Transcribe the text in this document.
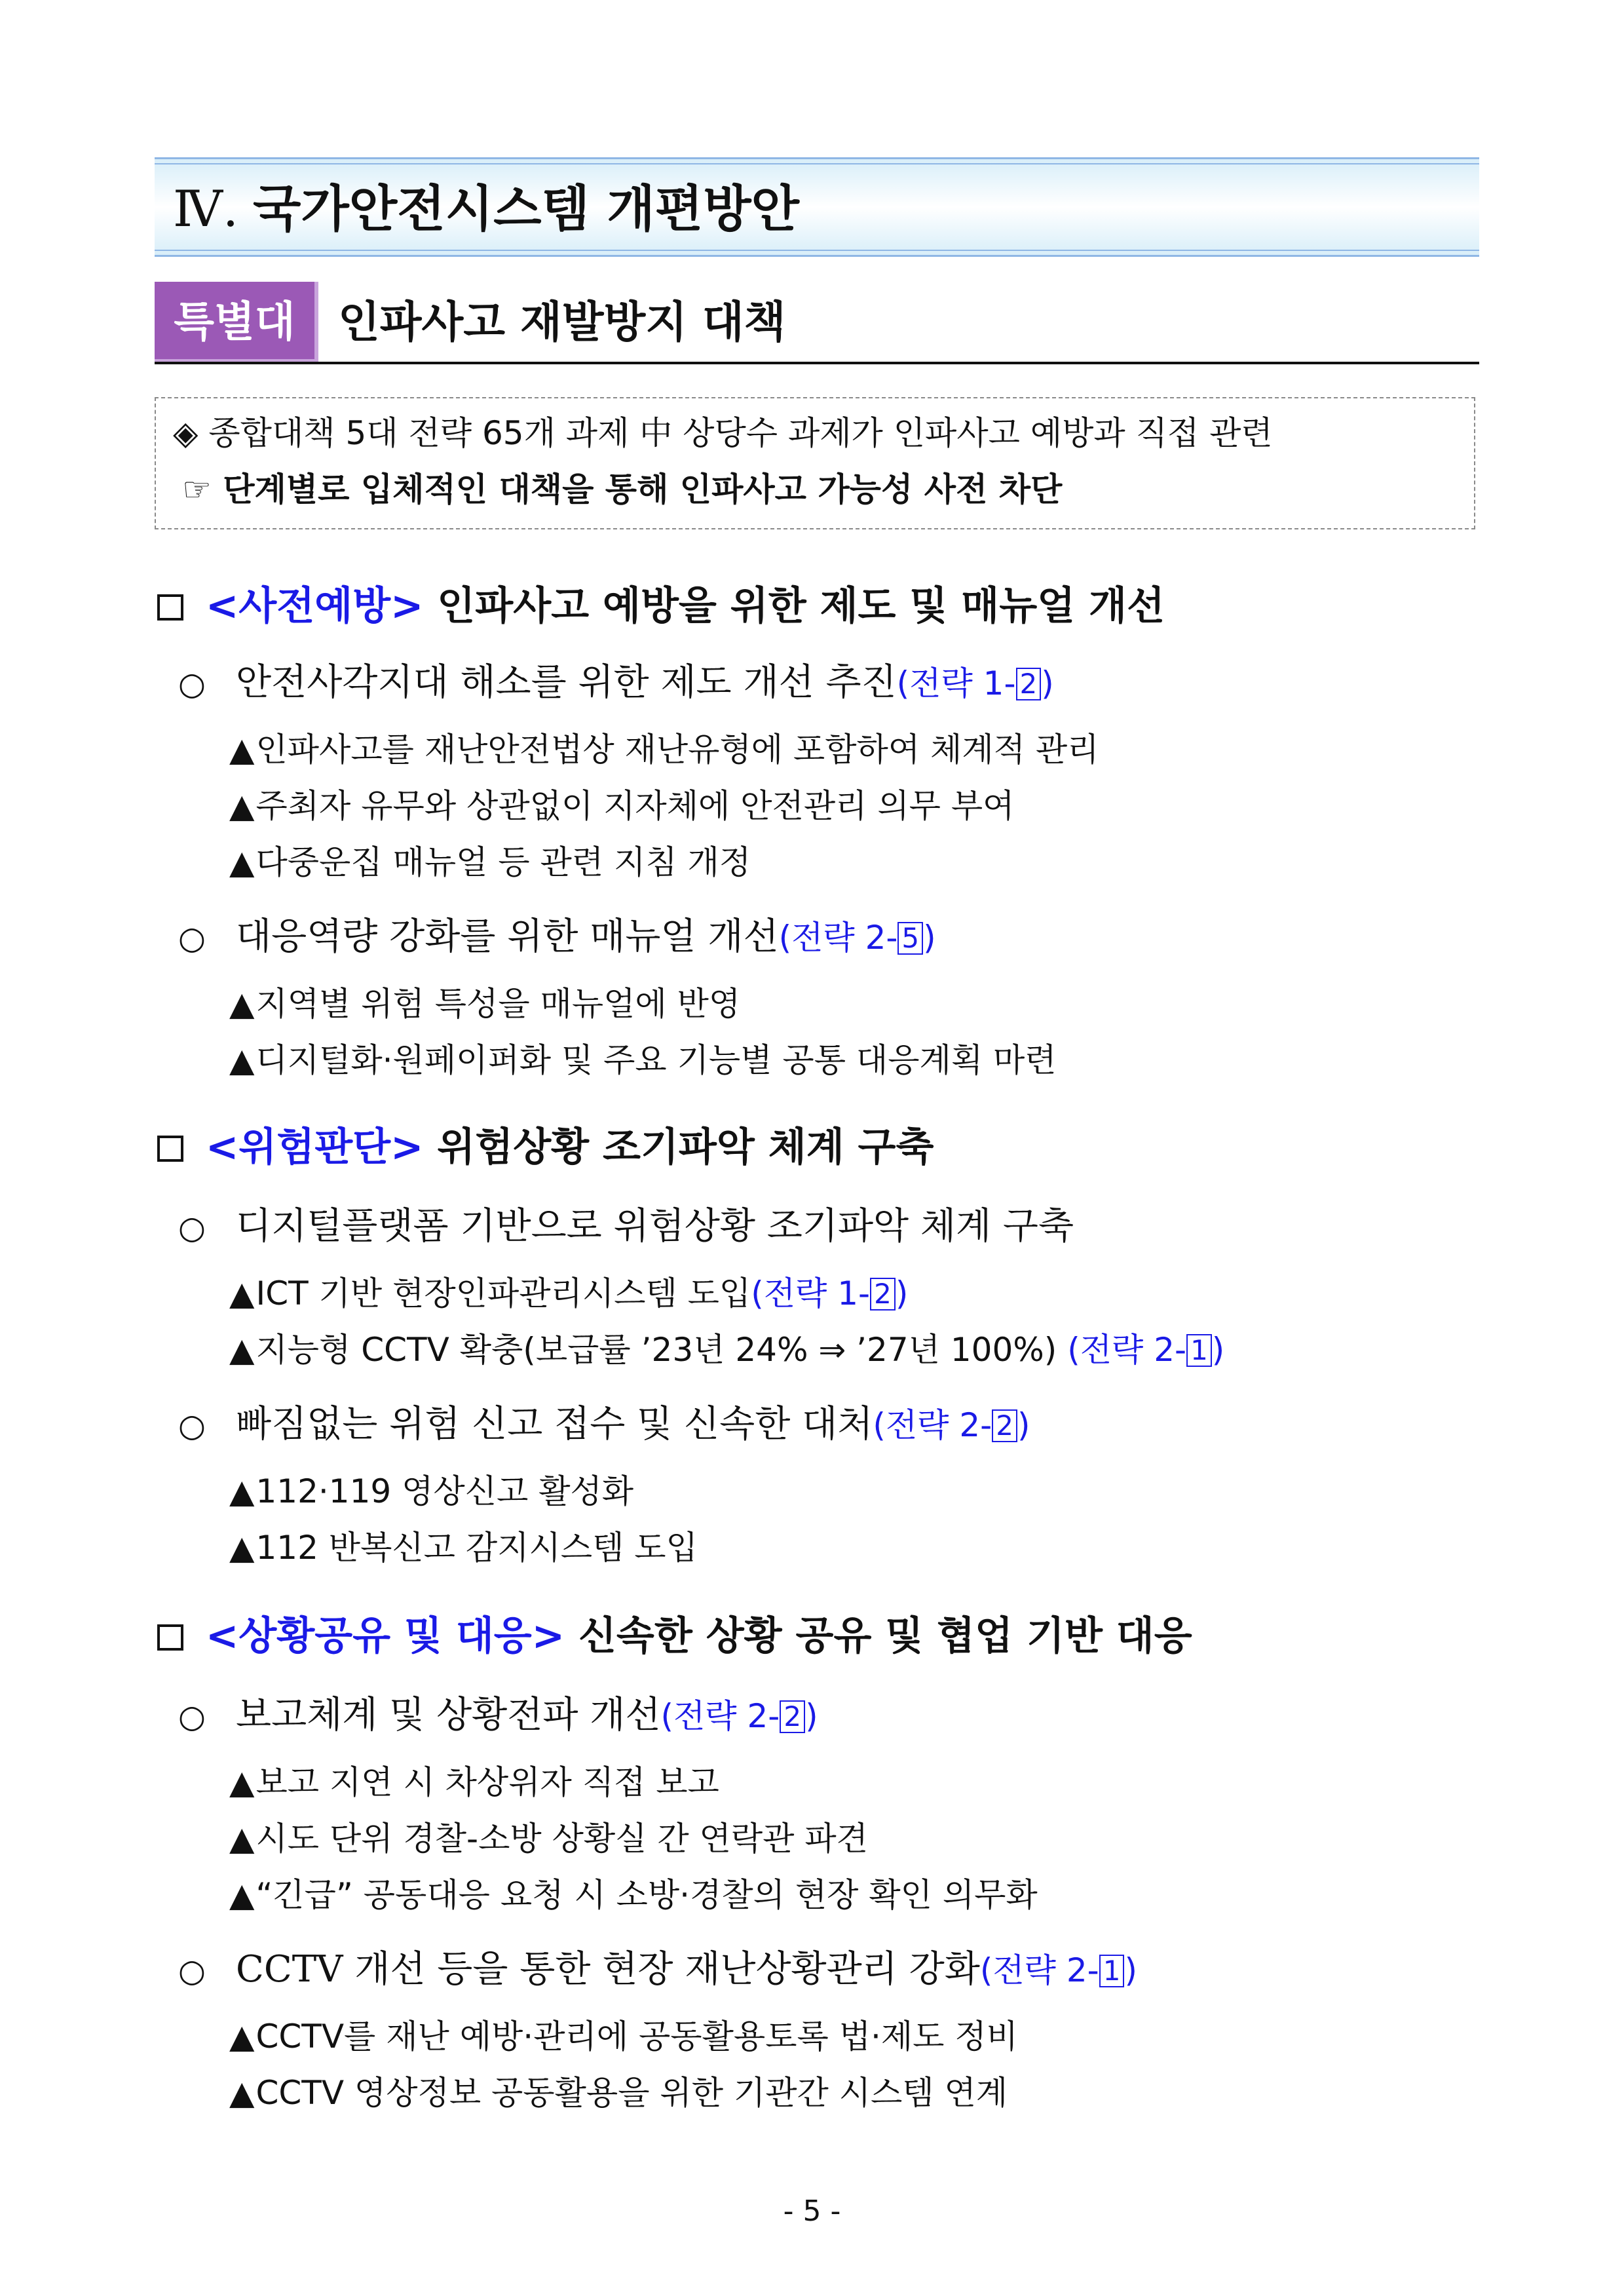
Ⅳ. 국가안전시스템 개편방안
특별대책
인파사고 재발방지 대책
◈ 종합대책 5대 전략 65개 과제 中 상당수 과제가 인파사고 예방과 직접 관련
☞ 단계별로 입체적인 대책을 통해 인파사고 가능성 사전 차단
<사전예방> 인파사고 예방을 위한 제도 및 매뉴얼 개선
○ 안전사각지대 해소를 위한 제도 개선 추진(전략 1- 2 )
▲인파사고를 재난안전법상 재난유형에 포함하여 체계적 관리
▲주최자 유무와 상관없이 지자체에 안전관리 의무 부여
▲다중운집 매뉴얼 등 관련 지침 개정
○ 대응역량 강화를 위한 매뉴얼 개선(전략 2- 5 )
▲지역별 위험 특성을 매뉴얼에 반영
▲디지털화·원페이퍼화 및 주요 기능별 공통 대응계획 마련
<위험판단> 위험상황 조기파악 체계 구축
○ 디지털플랫폼 기반으로 위험상황 조기파악 체계 구축
▲ICT 기반 현장인파관리시스템 도입(전략 1- 2 )
▲지능형 CCTV 확충(보급률 ’23년 24% ⇒ ’27년 100%) (전략 2- 1 )
○ 빠짐없는 위험 신고 접수 및 신속한 대처(전략 2- 2 )
▲112·119 영상신고 활성화
▲112 반복신고 감지시스템 도입
<상황공유 및 대응> 신속한 상황 공유 및 협업 기반 대응
○ 보고체계 및 상황전파 개선(전략 2- 2 )
▲보고 지연 시 차상위자 직접 보고
▲시도 단위 경찰-소방 상황실 간 연락관 파견
▲“긴급” 공동대응 요청 시 소방·경찰의 현장 확인 의무화
○ CCTV 개선 등을 통한 현장 재난상황관리 강화(전략 2- 1 )
▲CCTV를 재난 예방·관리에 공동활용토록 법·제도 정비
▲CCTV 영상정보 공동활용을 위한 기관간 시스템 연계
- 5 -
